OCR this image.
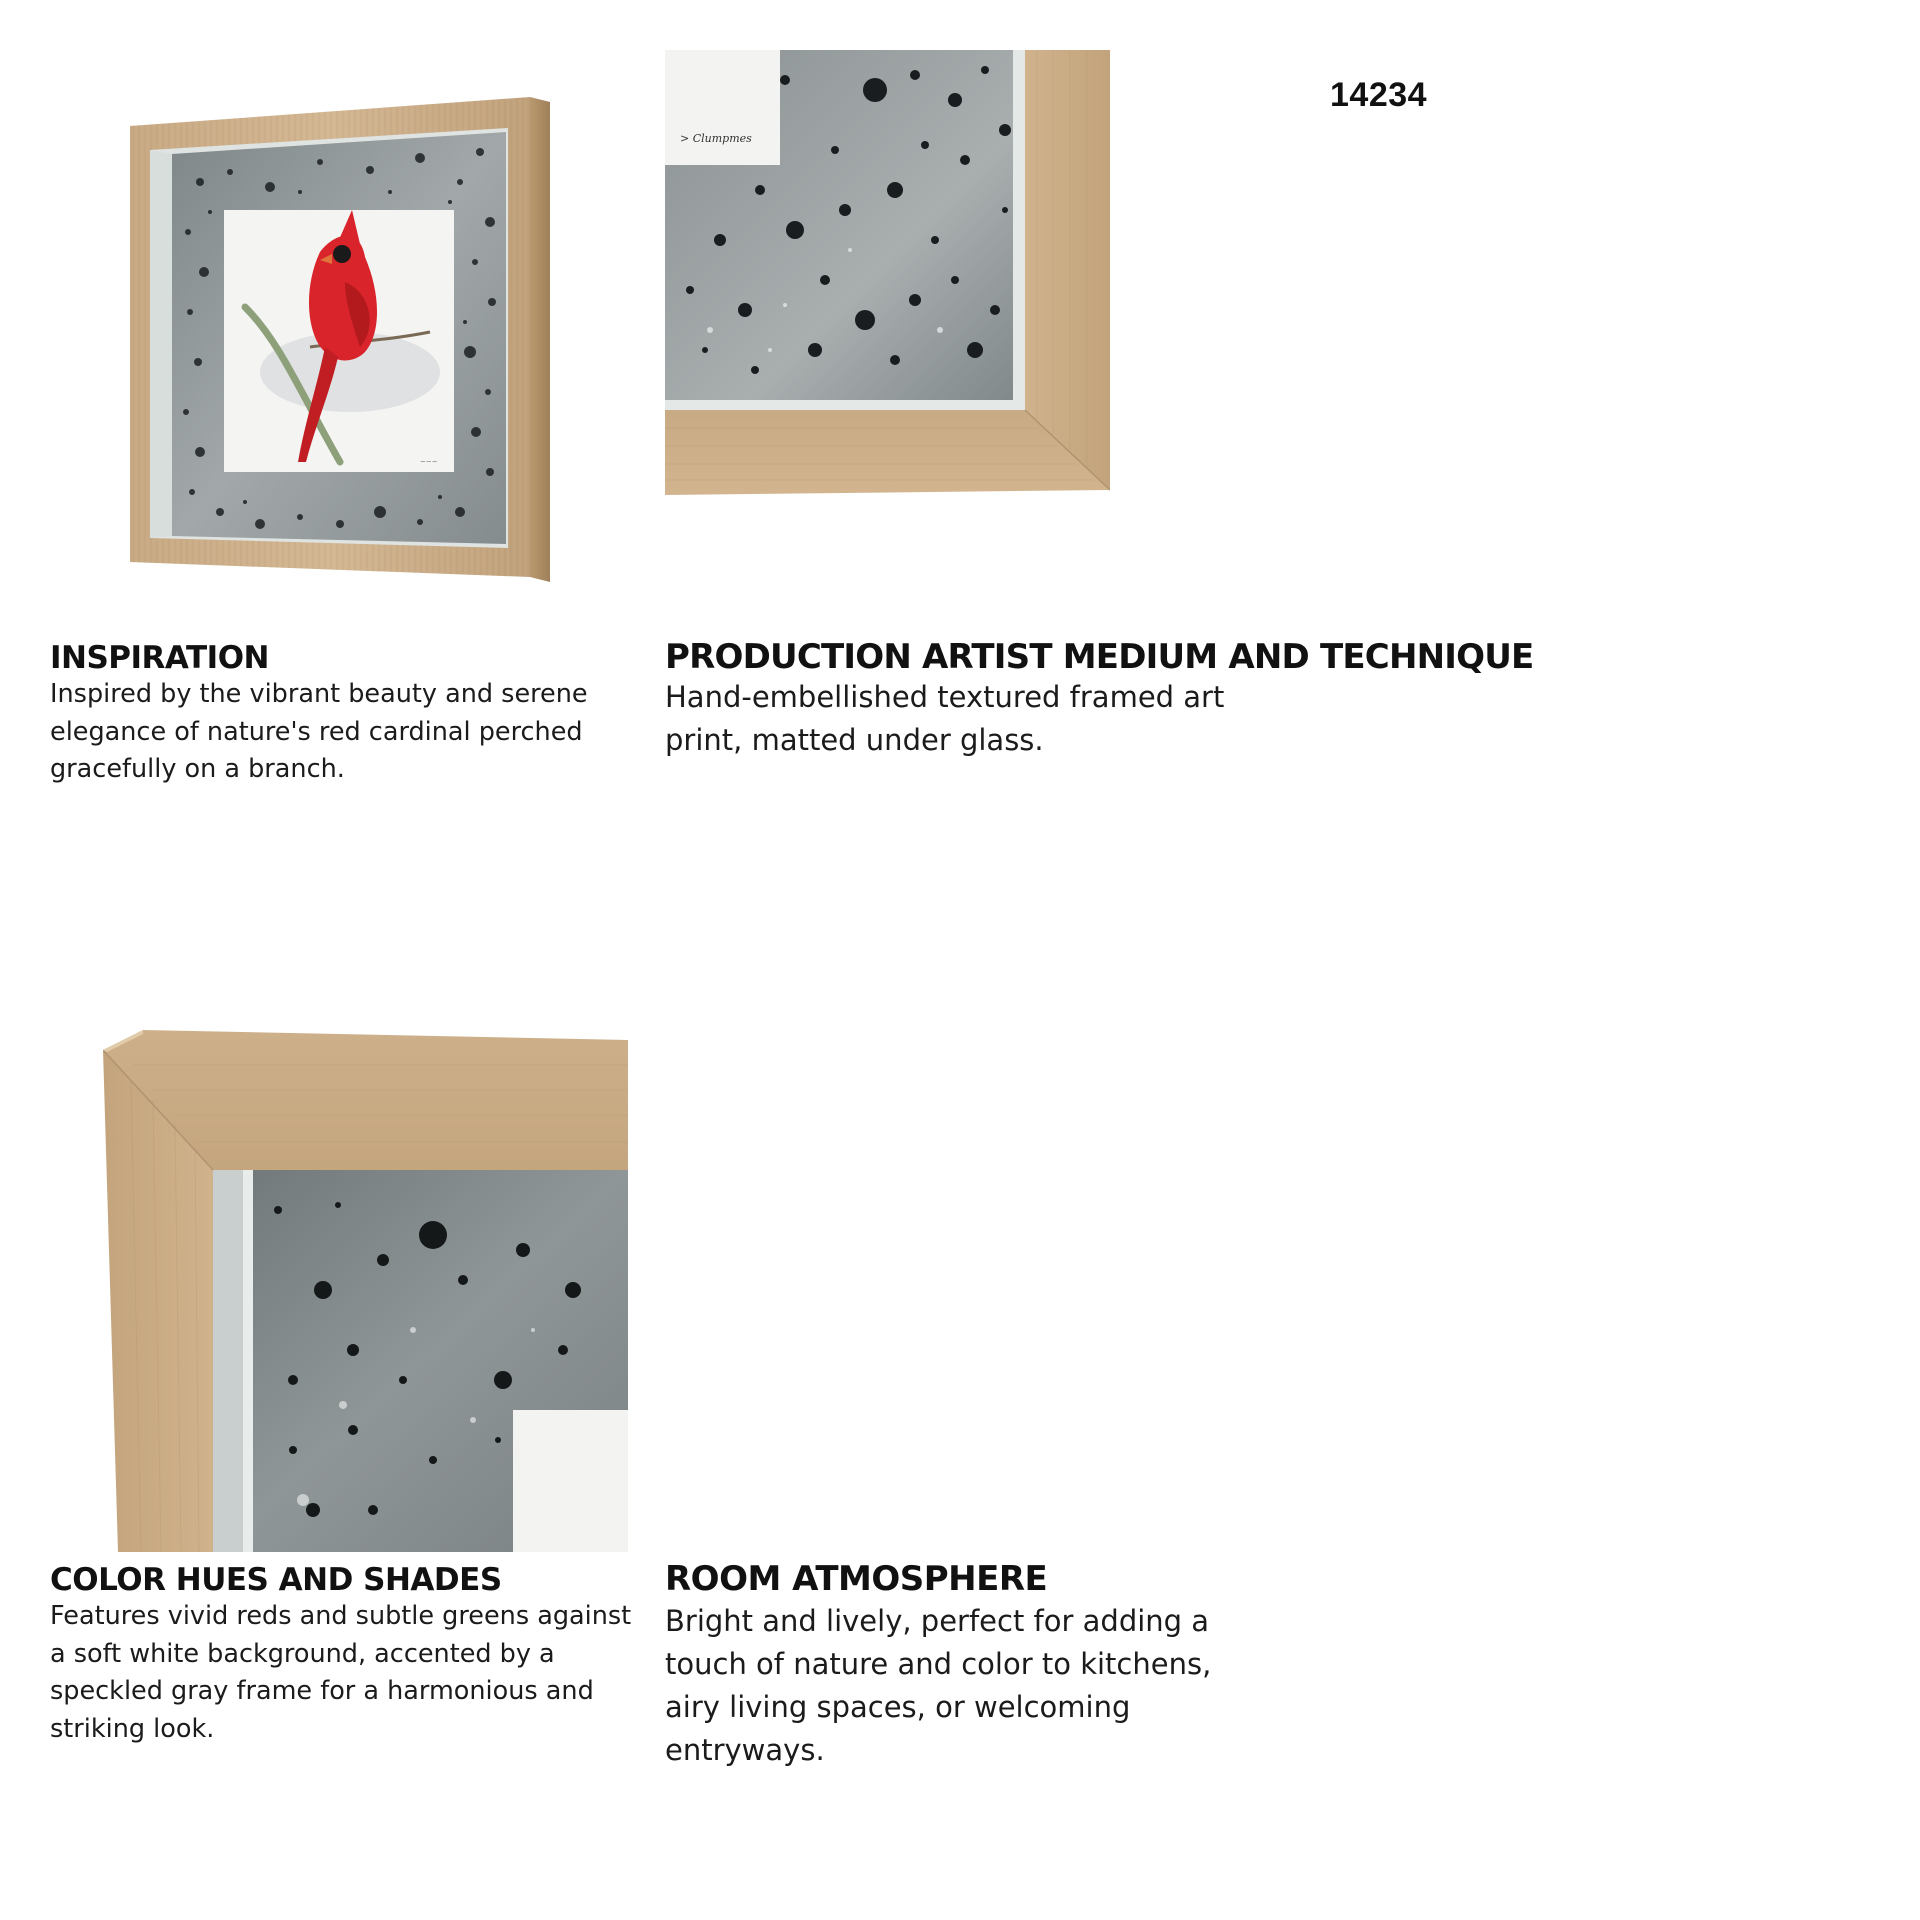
14234
~~~
> Clumpmes
INSPIRATION
Inspired by the vibrant beauty and serene
elegance of nature's red cardinal perched
gracefully on a branch.
PRODUCTION ARTIST MEDIUM AND TECHNIQUE
Hand-embellished textured framed art
print, matted under glass.
COLOR HUES AND SHADES
Features vivid reds and subtle greens against
a soft white background, accented by a
speckled gray frame for a harmonious and
striking look.
ROOM ATMOSPHERE
Bright and lively, perfect for adding a
touch of nature and color to kitchens,
airy living spaces, or welcoming
entryways.
